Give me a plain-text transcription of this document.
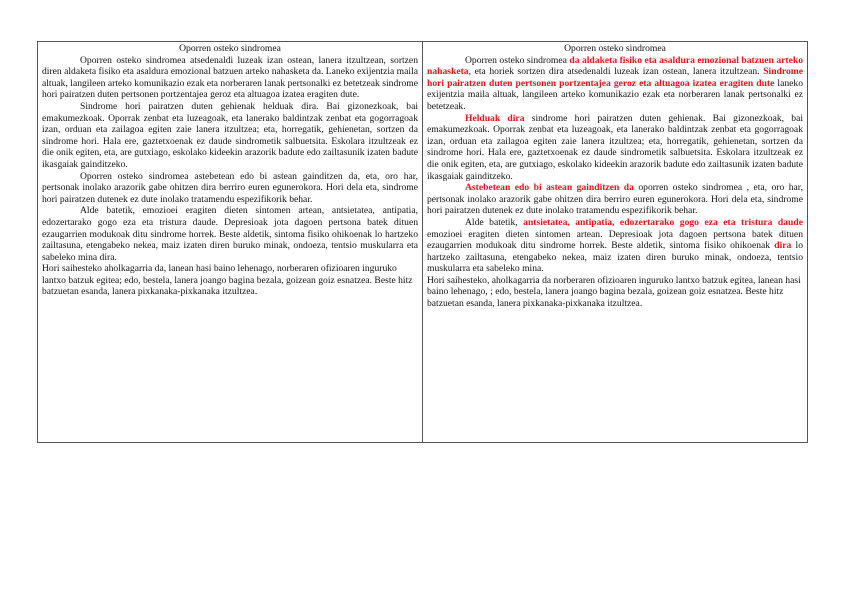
Oporren osteko sindromea

Oporren osteko sindromea atsedenaldi luzeak izan ostean, lanera itzultzean, sortzen diren aldaketa fisiko eta asaldura emozional batzuen arteko nahasketa da. Laneko exijentzia maila altuak, langileen arteko komunikazio ezak eta norberaren lanak pertsonalki ez betetzeak sindrome hori pairatzen duten pertsonen portzentajea geroz eta altuagoa izatea eragiten dute.

Sindrome hori pairatzen duten gehienak helduak dira. Bai gizonezkoak, bai emakumezkoak. Oporrak zenbat eta luzeagoak, eta lanerako baldintzak zenbat eta gogorragoak izan, orduan eta zailagoa egiten zaie lanera itzultzea; eta, horregatik, gehienetan, sortzen da sindrome hori. Hala ere, gaztetxoenak ez daude sindrometik salbuetsita. Eskolara itzultzeak ez die onik egiten, eta, are gutxiago, eskolako kideekin arazorik badute edo zailtasunik izaten badute ikasgaiak gainditzeko.

Oporren osteko sindromea astebetean edo bi astean gainditzen da, eta, oro har, pertsonak inolako arazorik gabe ohitzen dira berriro euren egunerokora. Hori dela eta, sindrome hori pairatzen dutenek ez dute inolako tratamendu espezifikorik behar.

Alde batetik, emozioei eragiten dieten sintomen artean, antsietatea, antipatia, edozertarako gogo eza eta tristura daude. Depresioak jota dagoen pertsona batek dituen ezaugarrien modukoak ditu sindrome horrek. Beste aldetik, sintoma fisiko ohikoenak lo hartzeko zailtasuna, etengabeko nekea, maiz izaten diren buruko minak, ondoeza, tentsio muskularra eta sabeleko mina dira.

Hori saihesteko aholkagarria da, lanean hasi baino lehenago, norberaren ofizioaren inguruko lantxo batzuk egitea; edo, bestela, lanera joango bagina bezala, goizean goiz esnatzea. Beste hitz batzuetan esanda, lanera pixkanaka-pixkanaka itzultzea.

Oporren osteko sindromea

Oporren osteko sindromea da aldaketa fisiko eta asaldura emozional batzuen arteko nahasketa, eta horiek sortzen dira atsedenaldi luzeak izan ostean, lanera itzultzean. Sindrome hori pairatzen duten pertsonen portzentajea geroz eta altuagoa izatea eragiten dute laneko exijentzia maila altuak, langileen arteko komunikazio ezak eta norberaren lanak pertsonalki ez betetzeak.

Helduak dira sindrome hori pairatzen duten gehienak. Bai gizonezkoak, bai emakumezkoak. Oporrak zenbat eta luzeagoak, eta lanerako baldintzak zenbat eta gogorragoak izan, orduan eta zailagoa egiten zaie lanera itzultzea; eta, horregatik, gehienetan, sortzen da sindrome hori. Hala ere, gaztetxoenak ez daude sindrometik salbuetsita. Eskolara itzultzeak ez die onik egiten, eta, are gutxiago, eskolako kideekin arazorik badute edo zailtasunik izaten badute ikasgaiak gainditzeko.

Astebetean edo bi astean gainditzen da oporren osteko sindromea , eta, oro har, pertsonak inolako arazorik gabe ohitzen dira berriro euren egunerokora. Hori dela eta, sindrome hori pairatzen dutenek ez dute inolako tratamendu espezifikorik behar.

Alde batetik, antsietatea, antipatia, edozertarako gogo eza eta tristura daude emozioei eragiten dieten sintomen artean. Depresioak jota dagoen pertsona batek dituen ezaugarrien modukoak ditu sindrome horrek. Beste aldetik, sintoma fisiko ohikoenak dira lo hartzeko zailtasuna, etengabeko nekea, maiz izaten diren buruko minak, ondoeza, tentsio muskularra eta sabeleko mina.

Hori saihesteko, aholkagarria da norberaren ofizioaren inguruko lantxo batzuk egitea, lanean hasi baino lehenago, ; edo, bestela, lanera joango bagina bezala, goizean goiz esnatzea. Beste hitz batzuetan esanda, lanera pixkanaka-pixkanaka itzultzea.
